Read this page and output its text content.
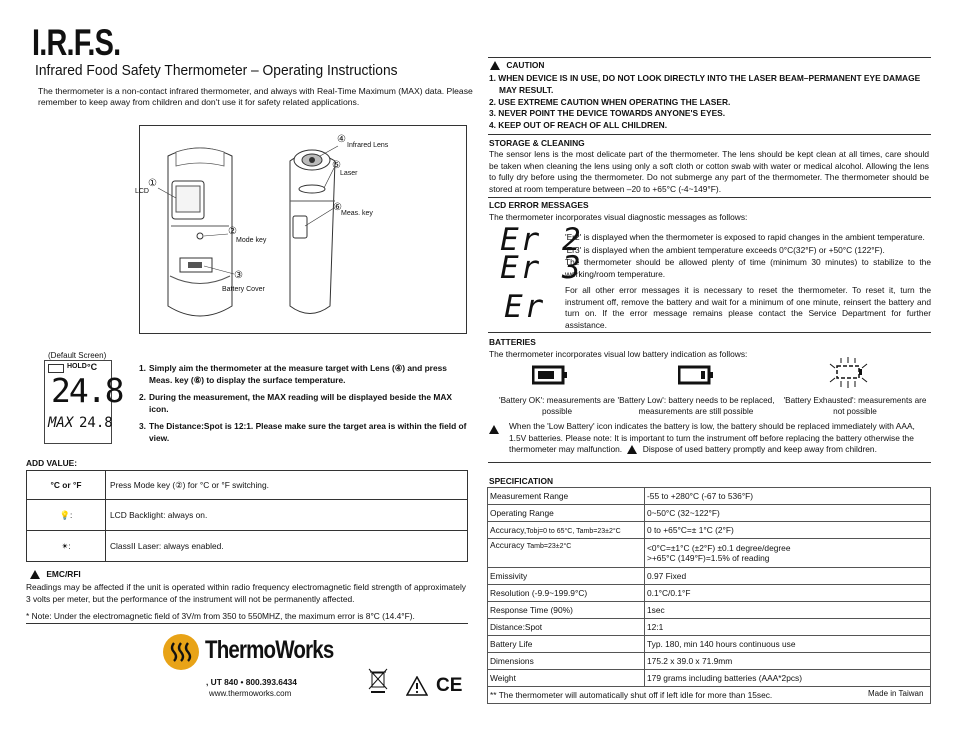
I.R.F.S.
Infrared Food Safety Thermometer – Operating Instructions
The thermometer is a non-contact infrared thermometer, and always with Real-Time Maximum (MAX) data. Please remember to keep away from children and don't use it for safety related applications.
①
LCD
②
Mode key
③
Battery Cover
④
Infrared Lens
⑤
Laser
⑥
Meas. key
(Default Screen)
HOLD °C
24.8
MAX 24.8
1. Simply aim the thermometer at the measure target with Lens (④) and press Meas. key (⑥) to display the surface temperature.
2. During the measurement, the MAX reading will be displayed beside the MAX icon.
3. The Distance:Spot is 12:1. Please make sure the target area is within the field of view.
ADD VALUE:
°C or °F	Press Mode key (②) for °C or °F switching.
💡:	LCD Backlight: always on.
✴:	ClassII Laser: always enabled.
EMC/RFI
Readings may be affected if the unit is operated within radio frequency electromagnetic field strength of approximately 3 volts per meter, but the performance of the instrument will not be permanently affected.
* Note: Under the electromagnetic field of 3V/m from 350 to 550MHZ, the maximum error is 8°C (14.4°F).
ThermoWorks
, UT 840 • 800.393.6434
www.thermoworks.com	CE
CAUTION
1. WHEN DEVICE IS IN USE, DO NOT LOOK DIRECTLY INTO THE LASER BEAM–PERMANENT EYE DAMAGE MAY RESULT.
2. USE EXTREME CAUTION WHEN OPERATING THE LASER.
3. NEVER POINT THE DEVICE TOWARDS ANYONE'S EYES.
4. KEEP OUT OF REACH OF ALL CHILDREN.
STORAGE & CLEANING
The sensor lens is the most delicate part of the thermometer. The lens should be kept clean at all times, care should be taken when cleaning the lens using only a soft cloth or cotton swab with water or medical alcohol. Allowing the lens to fully dry before using the thermometer. Do not submerge any part of the thermometer. The thermometer should be stored at room temperature between –20 to +65°C (-4~149°F).
LCD ERROR MESSAGES
The thermometer incorporates visual diagnostic messages as follows:
Er 2
Er 3
Er
'Er2' is displayed when the thermometer is exposed to rapid changes in the ambient temperature.
'Er3' is displayed when the ambient temperature exceeds 0°C(32°F) or +50°C (122°F).
The thermometer should be allowed plenty of time (minimum 30 minutes) to stabilize to the working/room temperature.
For all other error messages it is necessary to reset the thermometer. To reset it, turn the instrument off, remove the battery and wait for a minimum of one minute, reinsert the battery and turn on. If the error message remains please contact the Service Department for further assistance.
BATTERIES
The thermometer incorporates visual low battery indication as follows:
'Battery OK': measurements are possible
'Battery Low': battery needs to be replaced, measurements are still possible
'Battery Exhausted': measurements are not possible
When the 'Low Battery' icon indicates the battery is low, the battery should be replaced immediately with AAA, 1.5V batteries. Please note: It is important to turn the instrument off before replacing the battery otherwise the thermometer may malfunction. Dispose of used battery promptly and keep away from children.
SPECIFICATION
Measurement Range	-55 to +280°C (-67 to 536°F)
Operating Range	0~50°C (32~122°F)
Accuracy,Tobj=0 to 65°C, Tamb=23±2°C	0 to +65°C=± 1°C (2°F)
Accuracy Tamb=23±2°C	<0°C=±1°C (±2°F) ±0.1 degree/degree
>+65°C (149°F)=1.5% of reading

Emissivity	0.97 Fixed
Resolution (-9.9~199.9°C)	0.1°C/0.1°F
Response Time (90%)	1sec
Distance:Spot	12:1
Battery Life	Typ. 180, min 140 hours continuous use
Dimensions	175.2 x 39.0 x 71.9mm
Weight	179 grams including batteries (AAA*2pcs)
** The thermometer will automatically shut off if left idle for more than 15sec.		Made in Taiwan
